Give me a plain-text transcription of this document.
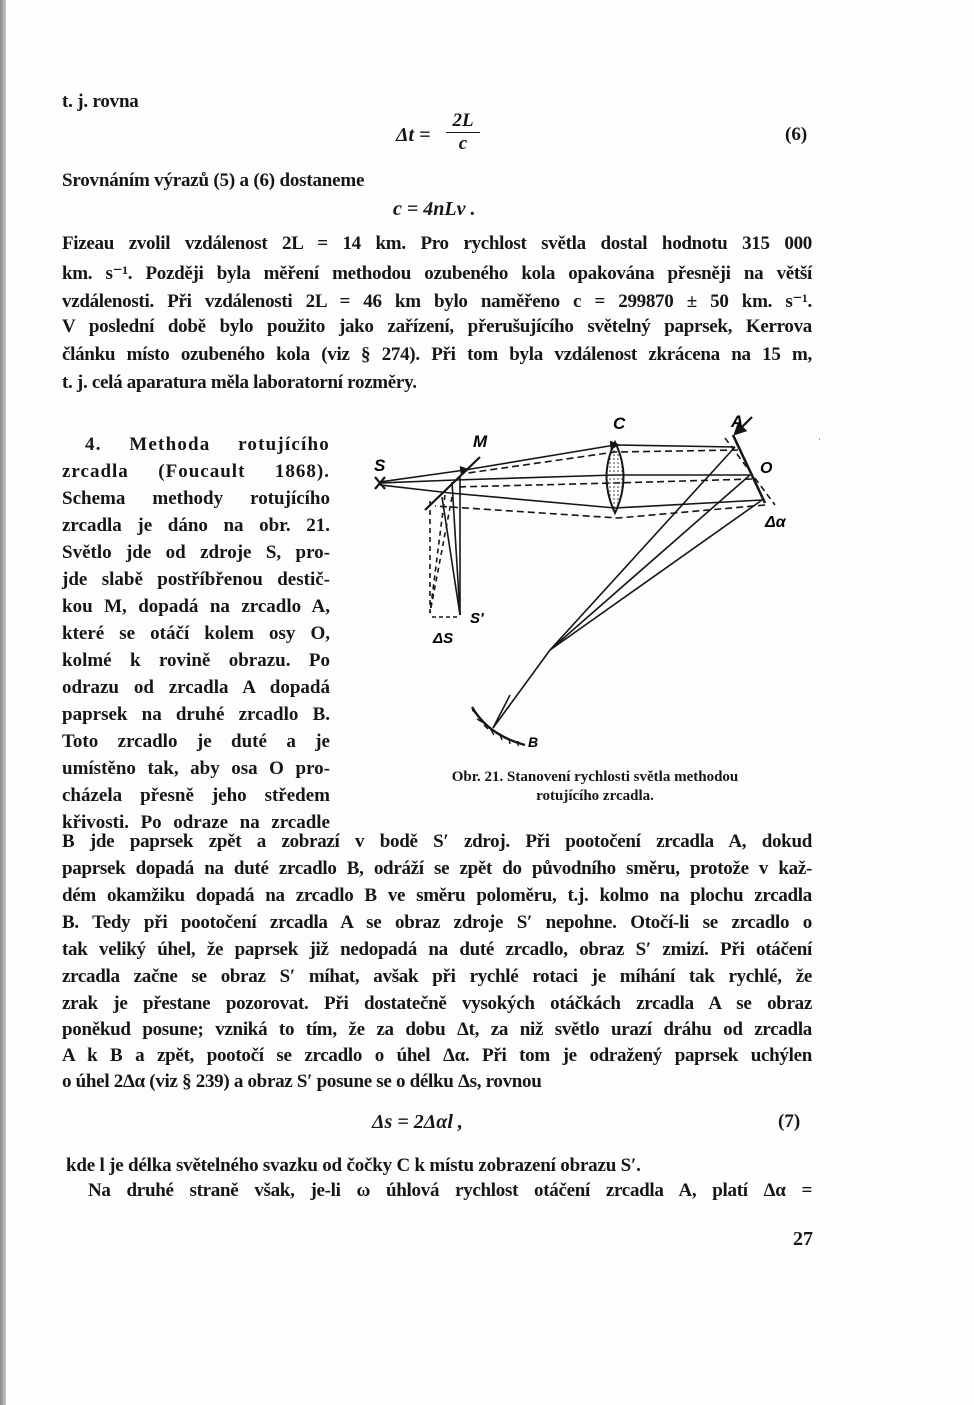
t. j. rovna
$\Delta t = \frac{2L}{c}$	(6)
Srovnáním výrazů (5) a (6) dostaneme
c = 4nLν .
Fizeau zvolil vzdálenost 2L = 14 km. Pro rychlost světla dostal hodnotu 315 000
km. s⁻¹. Později byla měření methodou ozubeného kola opakována přesněji na větší
vzdálenosti. Při vzdálenosti 2L = 46 km bylo naměřeno c = 299870 ± 50 km. s⁻¹.
V poslední době bylo použito jako zařízení, přerušujícího světelný paprsek, Kerrova
článku místo ozubeného kola (viz § 274). Při tom byla vzdálenost zkrácena na 15 m,
t. j. celá aparatura měla laboratorní rozměry.
4. Methoda rotujícího
zrcadla (Foucault 1868).
Schema methody rotujícího
zrcadla je dáno na obr. 21.
Světlo jde od zdroje S, pro-
jde slabě postříbřenou destič-
kou M, dopadá na zrcadlo A,
které se otáčí kolem osy O,
kolmé k rovině obrazu. Po
odrazu od zrcadla A dopadá
paprsek na druhé zrcadlo B.
Toto zrcadlo je duté a je
umístěno tak, aby osa O pro-
cházela přesně jeho středem
křivosti. Po odraze na zrcadle
S
M
C	A
O
Δα
S'
ΔS
B
Obr. 21. Stanovení rychlosti světla methodou
rotujícího zrcadla.
B jde paprsek zpět a zobrazí v bodě S′ zdroj. Při pootočení zrcadla A, dokud
paprsek dopadá na duté zrcadlo B, odráží se zpět do původního směru, protože v kaž-
dém okamžiku dopadá na zrcadlo B ve směru poloměru, t.j. kolmo na plochu zrcadla
B. Tedy při pootočení zrcadla A se obraz zdroje S′ nepohne. Otočí-li se zrcadlo o
tak veliký úhel, že paprsek již nedopadá na duté zrcadlo, obraz S′ zmizí. Při otáčení
zrcadla začne se obraz S′ míhat, avšak při rychlé rotaci je míhání tak rychlé, že
zrak je přestane pozorovat. Při dostatečně vysokých otáčkách zrcadla A se obraz
poněkud posune; vzniká to tím, že za dobu Δt, za niž světlo urazí dráhu od zrcadla
A k B a zpět, pootočí se zrcadlo o úhel Δα. Při tom je odražený paprsek uchýlen
o úhel 2Δα (viz § 239) a obraz S′ posune se o délku Δs, rovnou
Δs = 2Δαl ,	(7)
kde l je délka světelného svazku od čočky C k místu zobrazení obrazu S′.
Na druhé straně však, je-li ω úhlová rychlost otáčení zrcadla A, platí Δα =
27
